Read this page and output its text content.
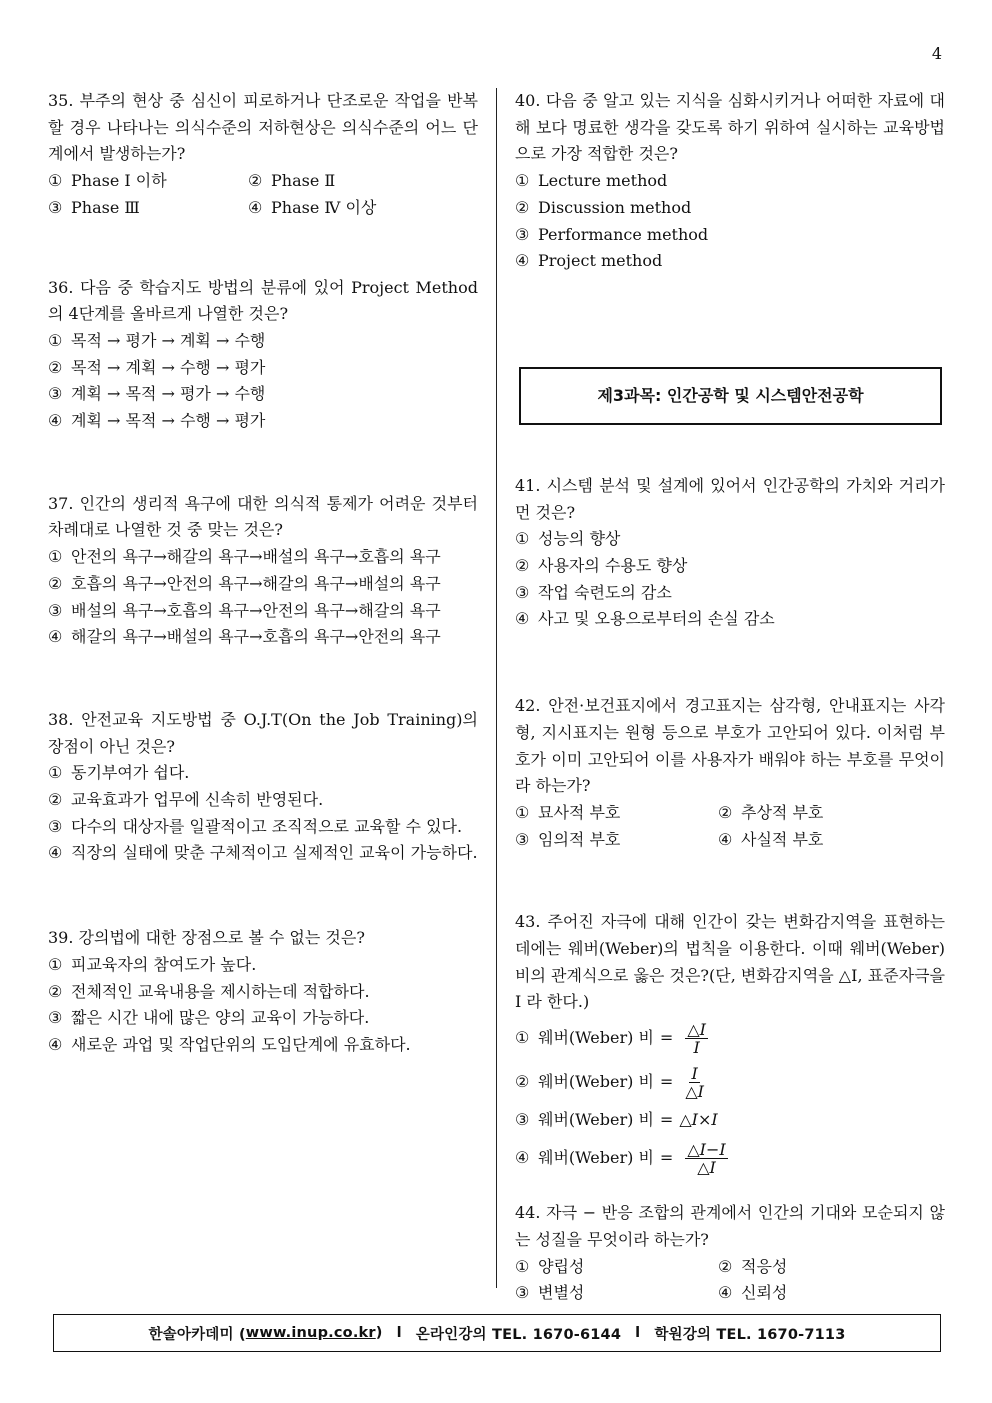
4
35. 부주의 현상 중 심신이 피로하거나 단조로운 작업을 반복할 경우 나타나는 의식수준의 저하현상은 의식수준의 어느 단계에서 발생하는가?
① Phase Ⅰ 이하	② Phase Ⅱ
③ Phase Ⅲ	④ Phase Ⅳ 이상
36. 다음 중 학습지도 방법의 분류에 있어 Project Method의 4단계를 올바르게 나열한 것은?
① 목적 → 평가 → 계획 → 수행
② 목적 → 계획 → 수행 → 평가
③ 계획 → 목적 → 평가 → 수행
④ 계획 → 목적 → 수행 → 평가
37. 인간의 생리적 욕구에 대한 의식적 통제가 어려운 것부터 차례대로 나열한 것 중 맞는 것은?
① 안전의 욕구→해갈의 욕구→배설의 욕구→호흡의 욕구
② 호흡의 욕구→안전의 욕구→해갈의 욕구→배설의 욕구
③ 배설의 욕구→호흡의 욕구→안전의 욕구→해갈의 욕구
④ 해갈의 욕구→배설의 욕구→호흡의 욕구→안전의 욕구
38. 안전교육 지도방법 중 O.J.T(On the Job Training)의 장점이 아닌 것은?
① 동기부여가 쉽다.
② 교육효과가 업무에 신속히 반영된다.
③ 다수의 대상자를 일괄적이고 조직적으로 교육할 수 있다.
④ 직장의 실태에 맞춘 구체적이고 실제적인 교육이 가능하다.
39. 강의법에 대한 장점으로 볼 수 없는 것은?
① 피교육자의 참여도가 높다.
② 전체적인 교육내용을 제시하는데 적합하다.
③ 짧은 시간 내에 많은 양의 교육이 가능하다.
④ 새로운 과업 및 작업단위의 도입단계에 유효하다.
40. 다음 중 알고 있는 지식을 심화시키거나 어떠한 자료에 대해 보다 명료한 생각을 갖도록 하기 위하여 실시하는 교육방법으로 가장 적합한 것은?
① Lecture method
② Discussion method
③ Performance method
④ Project method
제3과목: 인간공학 및 시스템안전공학
41. 시스템 분석 및 설계에 있어서 인간공학의 가치와 거리가 먼 것은?
① 성능의 향상
② 사용자의 수용도 향상
③ 작업 숙련도의 감소
④ 사고 및 오용으로부터의 손실 감소
42. 안전·보건표지에서 경고표지는 삼각형, 안내표지는 사각형, 지시표지는 원형 등으로 부호가 고안되어 있다. 이처럼 부호가 이미 고안되어 이를 사용자가 배워야 하는 부호를 무엇이라 하는가?
① 묘사적 부호	② 추상적 부호
③ 임의적 부호	④ 사실적 부호
43. 주어진 자극에 대해 인간이 갖는 변화감지역을 표현하는 데에는 웨버(Weber)의 법칙을 이용한다. 이때 웨버(Weber) 비의 관계식으로 옳은 것은?(단, 변화감지역을 △I, 표준자극을 I 라 한다.)
① 웨버(Weber) 비 = $\frac{\triangle I}{I}$
② 웨버(Weber) 비 = $\frac{I}{\triangle I}$
③ 웨버(Weber) 비 = △I×I
④ 웨버(Weber) 비 = $\frac{\triangle I-I}{\triangle I}$
44. 자극 − 반응 조합의 관계에서 인간의 기대와 모순되지 않는 성질을 무엇이라 하는가?
① 양립성	② 적응성
③ 변별성	④ 신뢰성
한솔아카데미 ( www.inup.co.kr ) l 온라인강의 TEL. 1670-6144 l 학원강의 TEL. 1670-7113
